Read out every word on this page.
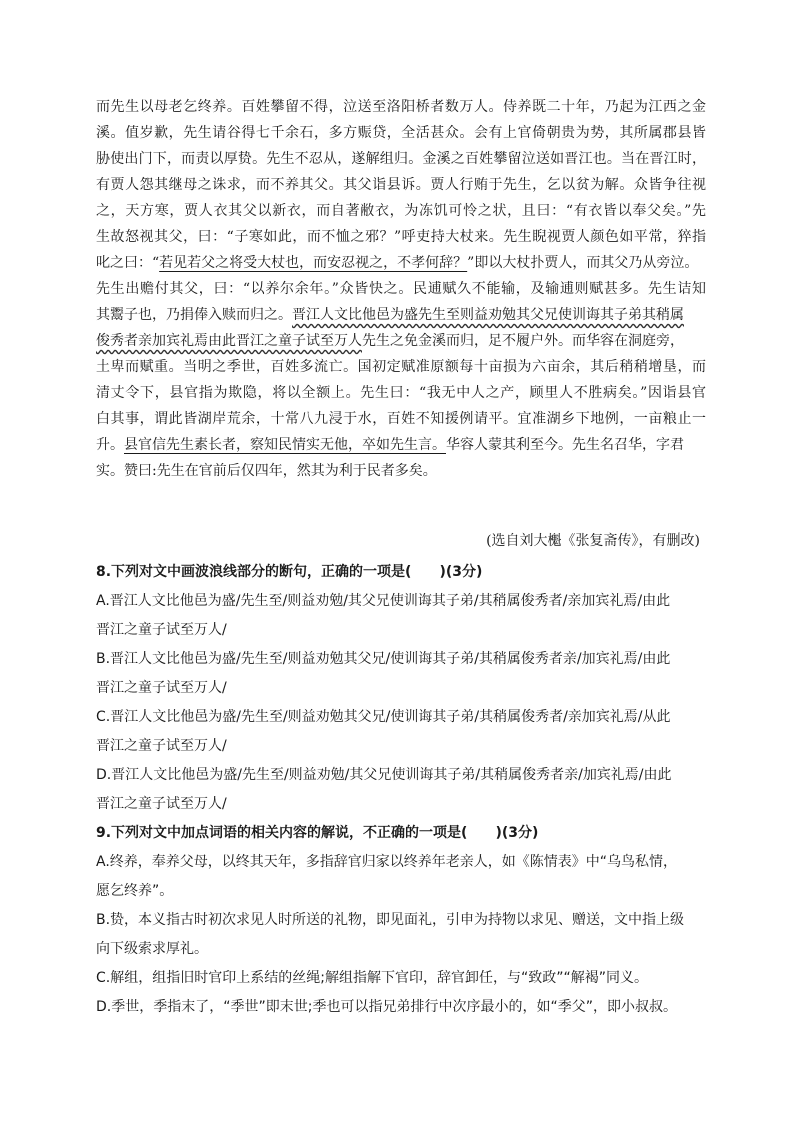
而先生以母老乞终养。百姓攀留不得，泣送至洛阳桥者数万人。侍养既二十年，乃起为江西之金
溪。值岁歉，先生请谷得七千余石，多方赈贷，全活甚众。会有上官倚朝贵为势，其所属郡县皆
胁使出门下，而责以厚贽。先生不忍从，遂解组归。金溪之百姓攀留泣送如晋江也。当在晋江时，
有贾人怨其继母之诛求，而不养其父。其父诣县诉。贾人行贿于先生，乞以贫为解。众皆争往视
之，天方寒，贾人衣其父以新衣，而自著敝衣，为冻饥可怜之状，且曰：“有衣皆以奉父矣。”先
生故怒视其父，曰：“子寒如此，而不恤之邪？”呼吏持大杖来。先生睨视贾人颜色如平常，猝指
叱之曰：“若见若父之将受大杖也，而安忍视之，不孝何辞？”即以大杖扑贾人，而其父乃从旁泣。
先生出赡付其父，曰：“以养尔余年。”众皆快之。民逋赋久不能输，及输逋则赋甚多。先生诘知
其鬻子也，乃捐俸入赎而归之。晋江人文比他邑为盛先生至则益劝勉其父兄使训诲其子弟其稍属
俊秀者亲加宾礼焉由此晋江之童子试至万人先生之免金溪而归，足不履户外。而华容在洞庭旁，
土卑而赋重。当明之季世，百姓多流亡。国初定赋准原额每十亩损为六亩余，其后稍稍增垦，而
清丈令下，县官指为欺隐，将以全额上。先生曰：“我无中人之产，顾里人不胜病矣。”因诣县官
白其事，谓此皆湖岸荒余，十常八九浸于水，百姓不知援例请平。宜准湖乡下地例，一亩粮止一
升。县官信先生素长者，察知民情实无他，卒如先生言。华容人蒙其利至今。先生名召华，字君
实。赞曰:先生在官前后仅四年，然其为利于民者多矣。
(选自刘大櫆《张复斋传》，有删改)
8.下列对文中画波浪线部分的断句，正确的一项是(　　)(3分)
A.晋江人文比他邑为盛/先生至/则益劝勉/其父兄使训诲其子弟/其稍属俊秀者/亲加宾礼焉/由此
晋江之童子试至万人/
B.晋江人文比他邑为盛/先生至/则益劝勉其父兄/使训诲其子弟/其稍属俊秀者亲/加宾礼焉/由此
晋江之童子试至万人/
C.晋江人文比他邑为盛/先生至/则益劝勉其父兄/使训诲其子弟/其稍属俊秀者/亲加宾礼焉/从此
晋江之童子试至万人/
D.晋江人文比他邑为盛/先生至/则益劝勉/其父兄使训诲其子弟/其稍属俊秀者亲/加宾礼焉/由此
晋江之童子试至万人/
9.下列对文中加点词语的相关内容的解说，不正确的一项是(　　)(3分)
A.终养，奉养父母，以终其天年，多指辞官归家以终养年老亲人，如《陈情表》中“乌鸟私情，
愿乞终养”。
B.贽，本义指古时初次求见人时所送的礼物，即见面礼，引申为持物以求见、赠送，文中指上级
向下级索求厚礼。
C.解组，组指旧时官印上系结的丝绳;解组指解下官印，辞官卸任，与“致政”“解褐”同义。
D.季世，季指末了，“季世”即末世;季也可以指兄弟排行中次序最小的，如“季父”，即小叔叔。
